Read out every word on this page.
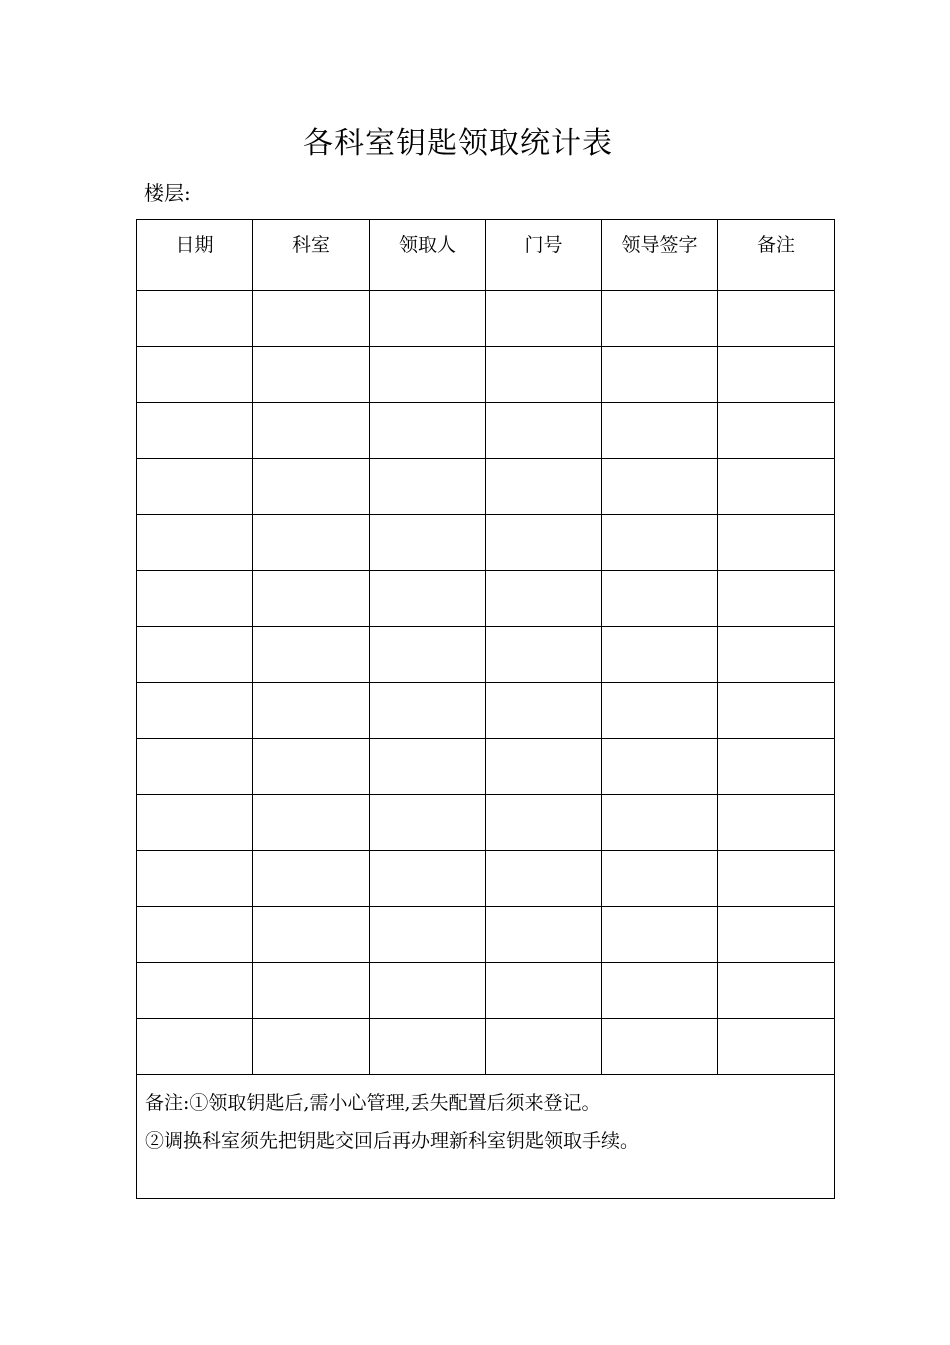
各科室钥匙领取统计表
楼层:
日期	科室	领取人	门号	领导签字	备注

备注:①领取钥匙后,需小心管理,丢失配置后须来登记。
②调换科室须先把钥匙交回后再办理新科室钥匙领取手续。					
